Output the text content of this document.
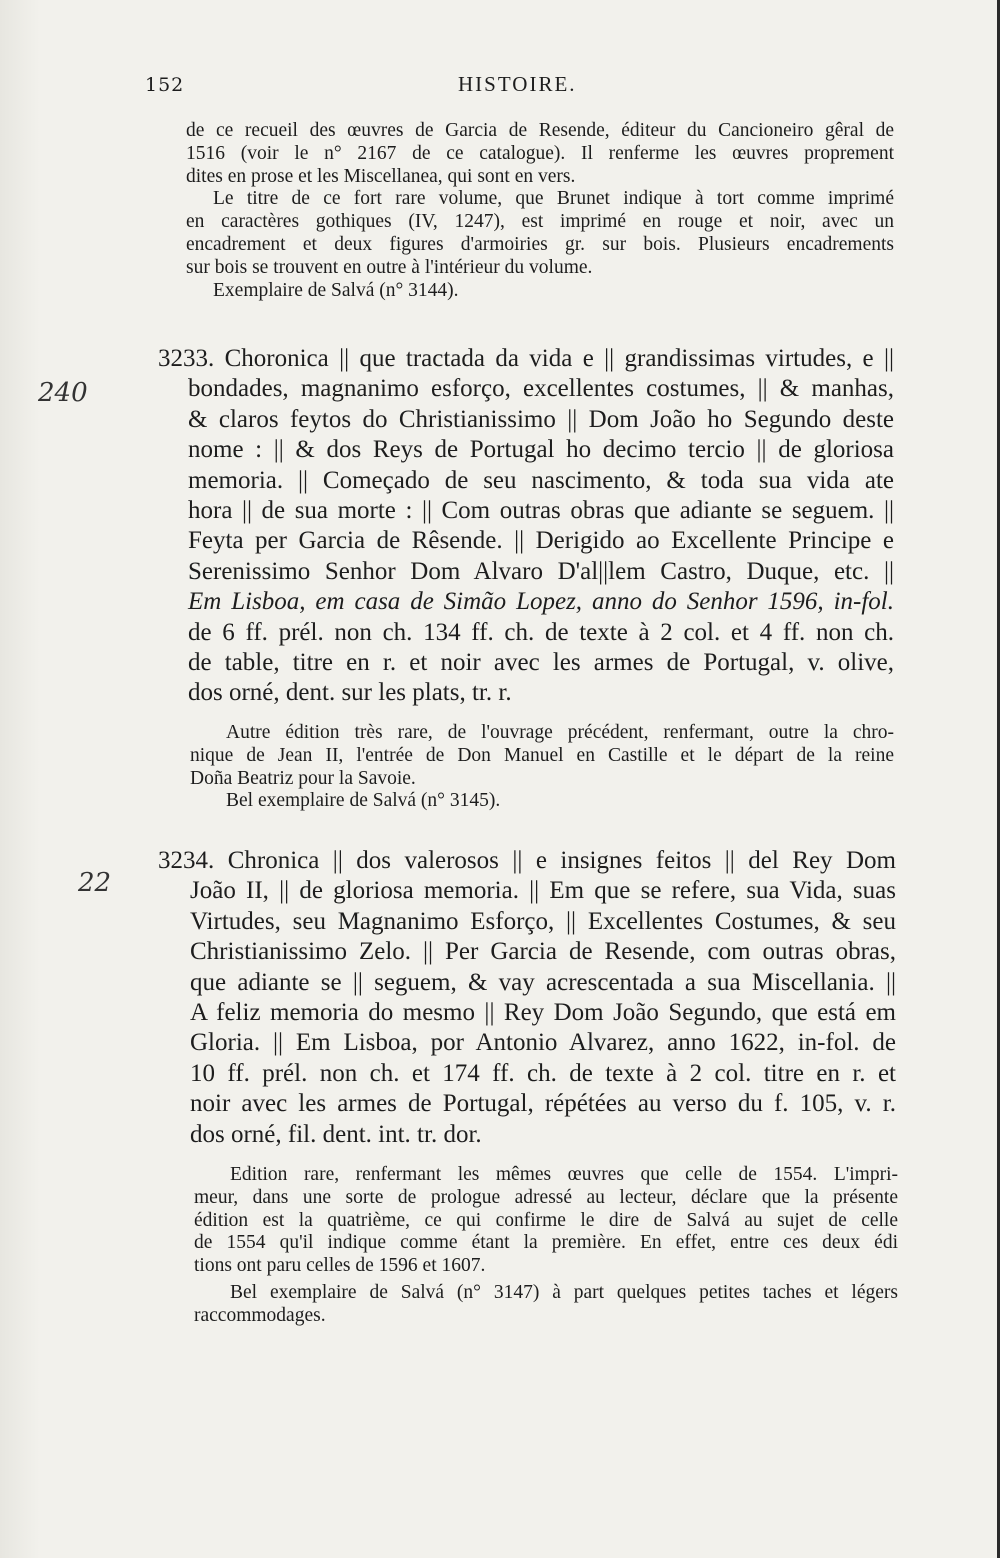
152	HISTOIRE.
de ce recueil des œuvres de Garcia de Resende, éditeur du Cancioneiro gêral de
1516 (voir le n° 2167 de ce catalogue). Il renferme les œuvres proprement
dites en prose et les Miscellanea, qui sont en vers.
Le titre de ce fort rare volume, que Brunet indique à tort comme imprimé
en caractères gothiques (IV, 1247), est imprimé en rouge et noir, avec un
encadrement et deux figures d'armoiries gr. sur bois. Plusieurs encadrements
sur bois se trouvent en outre à l'intérieur du volume.
Exemplaire de Salvá (n° 3144).
240
3233. Choronica || que tractada da vida e || grandissimas virtudes, e ||
bondades, magnanimo esforço, excellentes costumes, || & manhas,
& claros feytos do Christianissimo || Dom João ho Segundo deste
nome : || & dos Reys de Portugal ho decimo tercio || de gloriosa
memoria. || Começado de seu nascimento, & toda sua vida ate
hora || de sua morte : || Com outras obras que adiante se seguem. ||
Feyta per Garcia de Rêsende. || Derigido ao Excellente Principe e
Serenissimo Senhor Dom Alvaro D'al||lem Castro, Duque, etc. ||
Em Lisboa, em casa de Simão Lopez, anno do Senhor 1596, in-fol.
de 6 ff. prél. non ch. 134 ff. ch. de texte à 2 col. et 4 ff. non ch.
de table, titre en r. et noir avec les armes de Portugal, v. olive,
dos orné, dent. sur les plats, tr. r.
Autre édition très rare, de l'ouvrage précédent, renfermant, outre la chro-
nique de Jean II, l'entrée de Don Manuel en Castille et le départ de la reine
Doña Beatriz pour la Savoie.
Bel exemplaire de Salvá (n° 3145).
22
3234. Chronica || dos valerosos || e insignes feitos || del Rey Dom
João II, || de gloriosa memoria. || Em que se refere, sua Vida, suas
Virtudes, seu Magnanimo Esforço, || Excellentes Costumes, & seu
Christianissimo Zelo. || Per Garcia de Resende, com outras obras,
que adiante se || seguem, & vay acrescentada a sua Miscellania. ||
A feliz memoria do mesmo || Rey Dom João Segundo, que está em
Gloria. || Em Lisboa, por Antonio Alvarez, anno 1622, in-fol. de
10 ff. prél. non ch. et 174 ff. ch. de texte à 2 col. titre en r. et
noir avec les armes de Portugal, répétées au verso du f. 105, v. r.
dos orné, fil. dent. int. tr. dor.
Edition rare, renfermant les mêmes œuvres que celle de 1554. L'impri-
meur, dans une sorte de prologue adressé au lecteur, déclare que la présente
édition est la quatrième, ce qui confirme le dire de Salvá au sujet de celle
de 1554 qu'il indique comme étant la première. En effet, entre ces deux édi
tions ont paru celles de 1596 et 1607.
Bel exemplaire de Salvá (n° 3147) à part quelques petites taches et légers
raccommodages.
